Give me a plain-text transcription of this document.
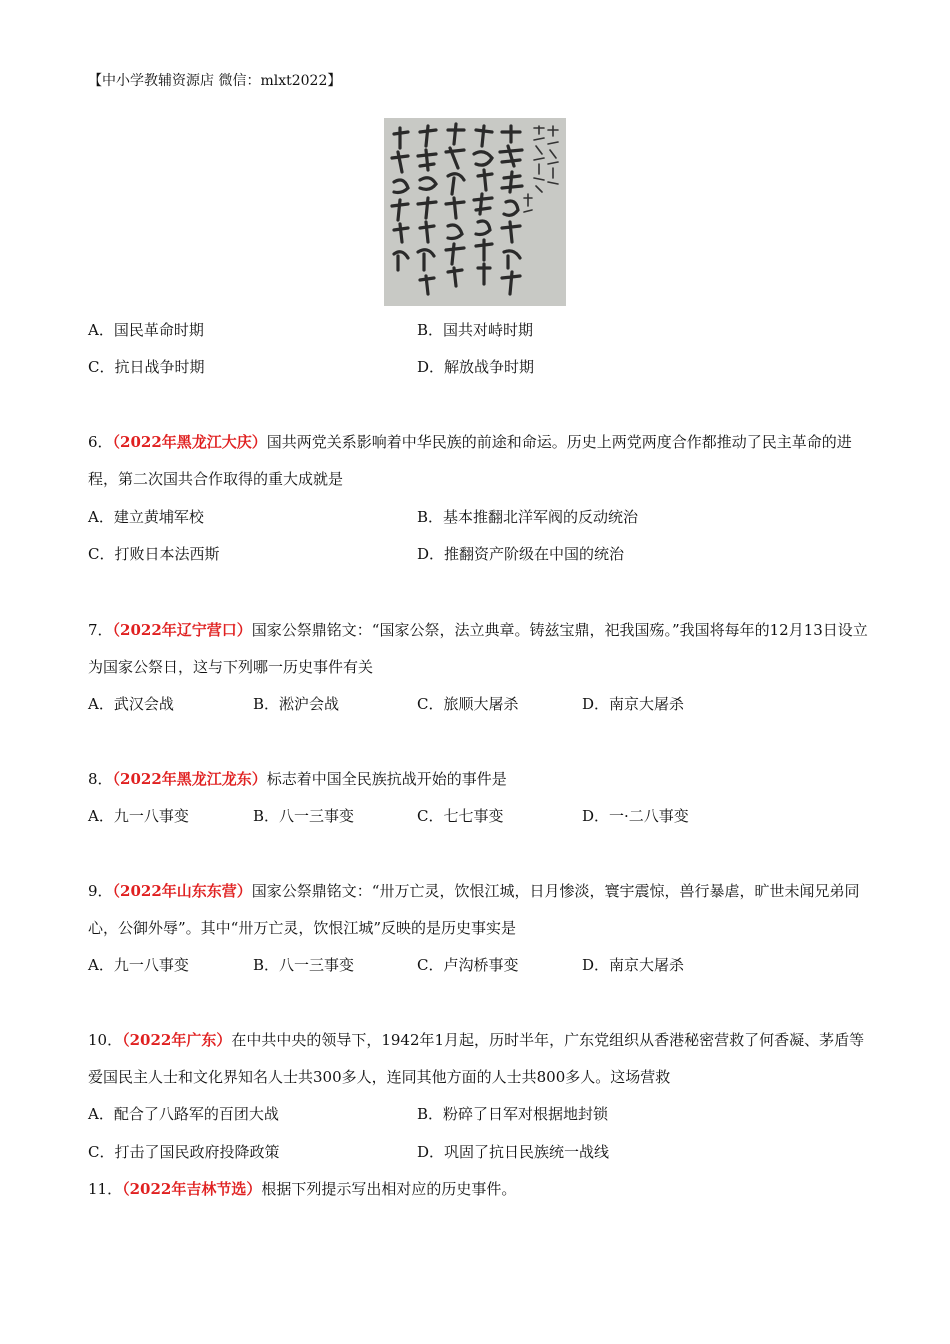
【中小学教辅资源店 微信：mlxt2022】
A．国民革命时期	B．国共对峙时期
C．抗日战争时期	D．解放战争时期
6．（2022年黑龙江大庆）国共两党关系影响着中华民族的前途和命运。历史上两党两度合作都推动了民主革命的进程，第二次国共合作取得的重大成就是
A．建立黄埔军校	B．基本推翻北洋军阀的反动统治
C．打败日本法西斯	D．推翻资产阶级在中国的统治
7．（2022年辽宁营口）国家公祭鼎铭文：“国家公祭，法立典章。铸兹宝鼎，祀我国殇。”我国将每年的12月13日设立为国家公祭日，这与下列哪一历史事件有关
A．武汉会战	B．淞沪会战	C．旅顺大屠杀	D．南京大屠杀
8．（2022年黑龙江龙东）标志着中国全民族抗战开始的事件是
A．九一八事变	B．八一三事变	C．七七事变	D．一·二八事变
9．（2022年山东东营）国家公祭鼎铭文：“卅万亡灵，饮恨江城，日月惨淡，寰宇震惊，兽行暴虐，旷世未闻兄弟同心，公御外辱”。其中“卅万亡灵，饮恨江城”反映的是历史事实是
A．九一八事变	B．八一三事变	C．卢沟桥事变	D．南京大屠杀
10．（2022年广东）在中共中央的领导下，1942年1月起，历时半年，广东党组织从香港秘密营救了何香凝、茅盾等爱国民主人士和文化界知名人士共300多人，连同其他方面的人士共800多人。这场营救
A．配合了八路军的百团大战	B．粉碎了日军对根据地封锁
C．打击了国民政府投降政策	D．巩固了抗日民族统一战线
11．（2022年吉林节选）根据下列提示写出相对应的历史事件。
